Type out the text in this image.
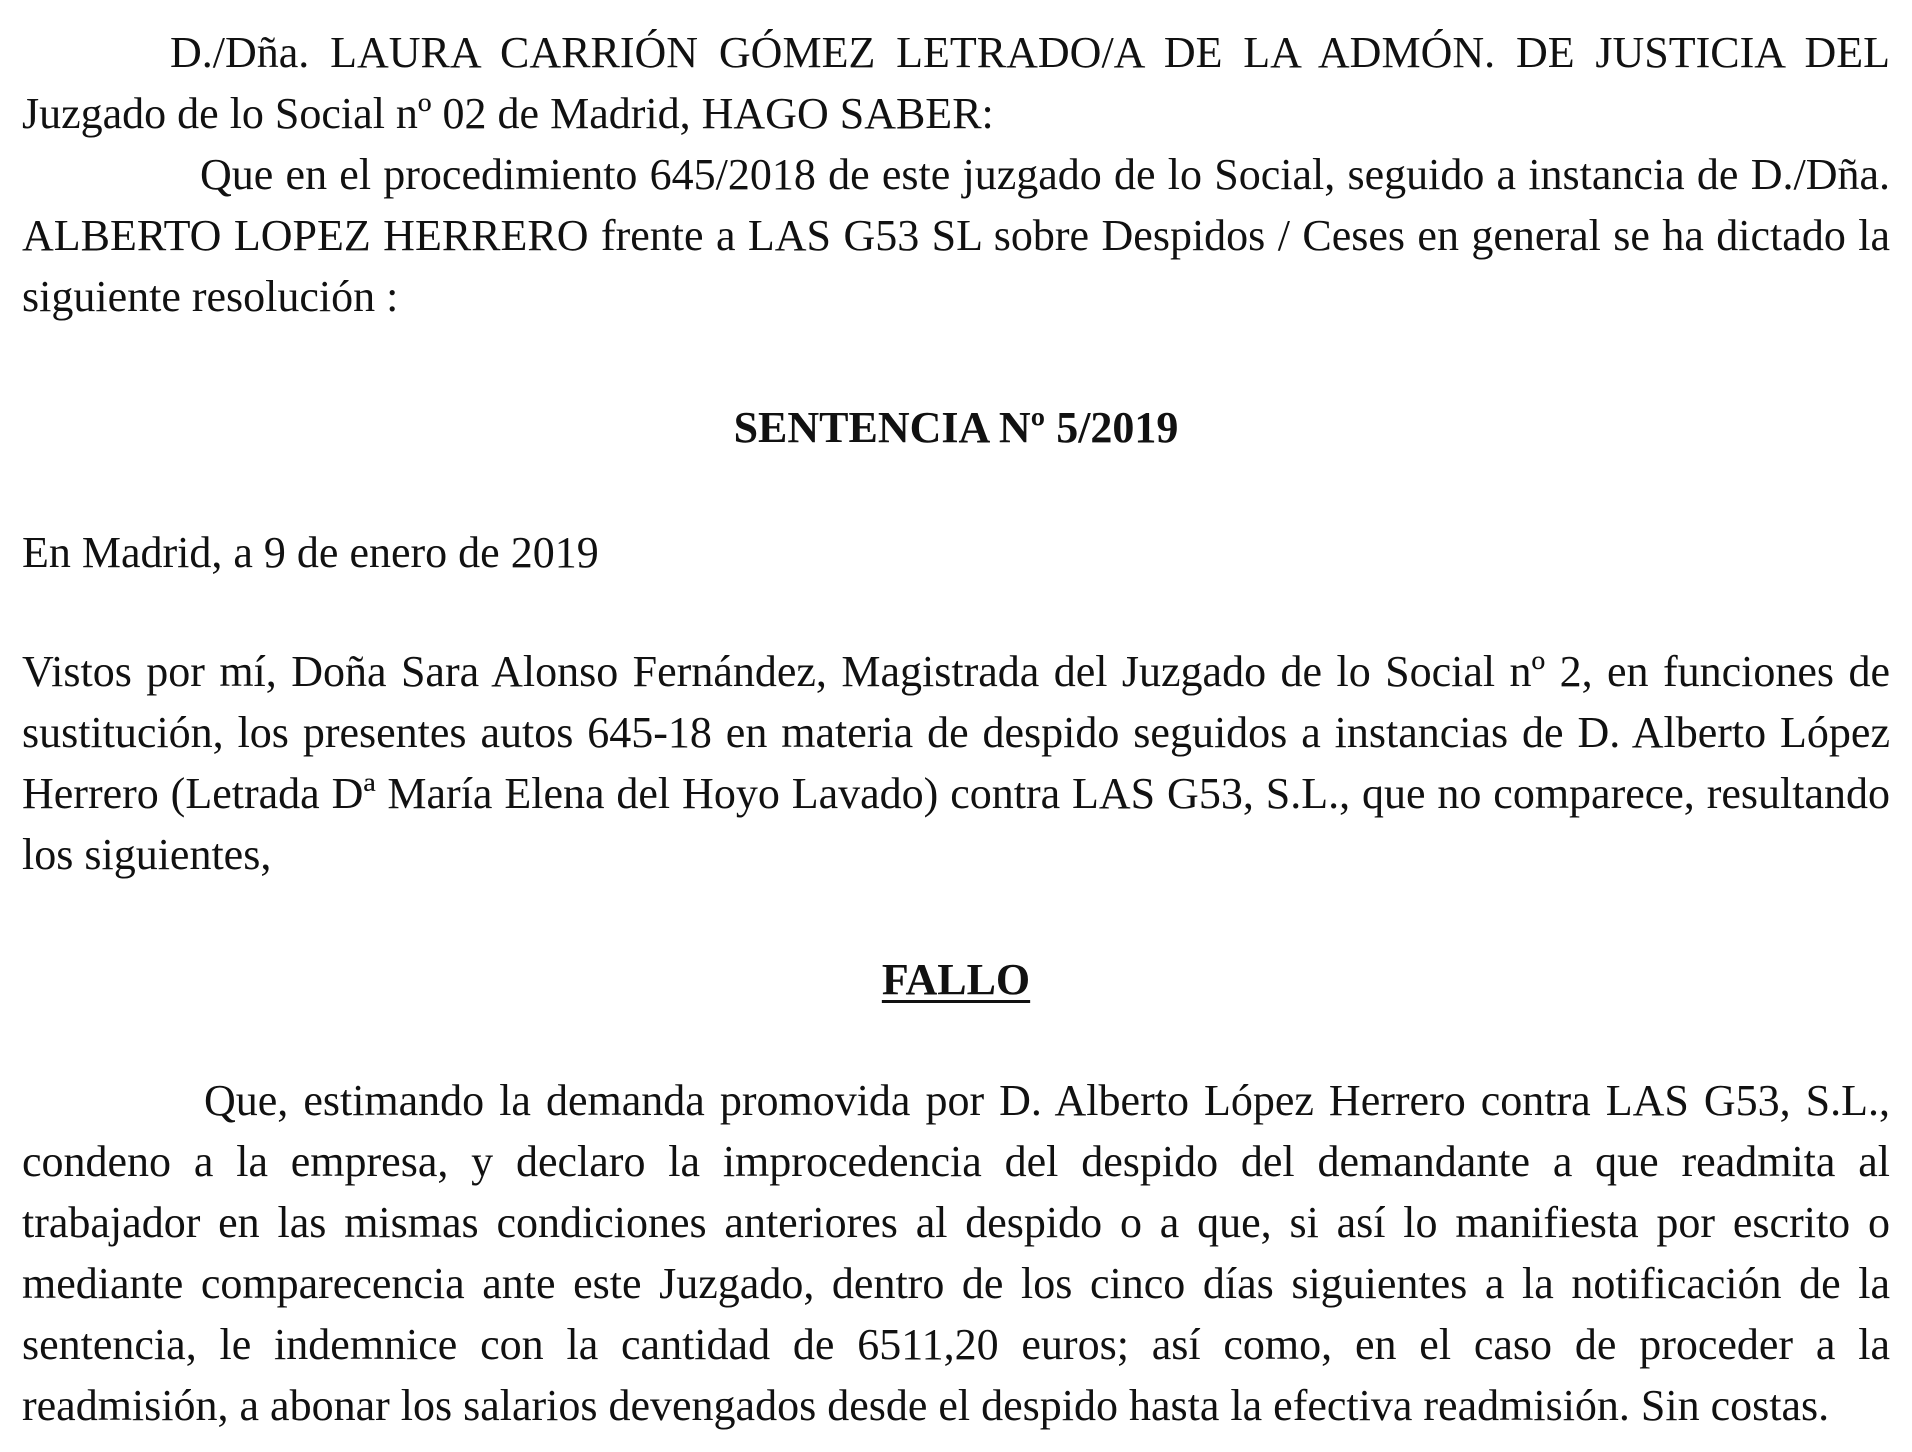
D./Dña. LAURA CARRIÓN GÓMEZ LETRADO/A DE LA ADMÓN. DE JUSTICIA DEL Juzgado de lo Social nº 02 de Madrid, HAGO SABER:

Que en el procedimiento 645/2018 de este juzgado de lo Social, seguido a instancia de D./Dña. ALBERTO LOPEZ HERRERO frente a LAS G53 SL sobre Despidos / Ceses en general se ha dictado la siguiente resolución :

SENTENCIA Nº 5/2019

En Madrid, a 9 de enero de 2019

Vistos por mí, Doña Sara Alonso Fernández, Magistrada del Juzgado de lo Social nº 2, en funciones de sustitución, los presentes autos 645-18 en materia de despido seguidos a instancias de D. Alberto López Herrero (Letrada Dª María Elena del Hoyo Lavado) contra LAS G53, S.L., que no comparece, resultando los siguientes,

FALLO

Que, estimando la demanda promovida por D. Alberto López Herrero contra LAS G53, S.L., condeno a la empresa, y declaro la improcedencia del despido del demandante a que readmita al trabajador en las mismas condiciones anteriores al despido o a que, si así lo manifiesta por escrito o mediante comparecencia ante este Juzgado, dentro de los cinco días siguientes a la notificación de la sentencia, le indemnice con la cantidad de 6511,20 euros; así como, en el caso de proceder a la readmisión, a abonar los salarios devengados desde el despido hasta la efectiva readmisión. Sin costas.
